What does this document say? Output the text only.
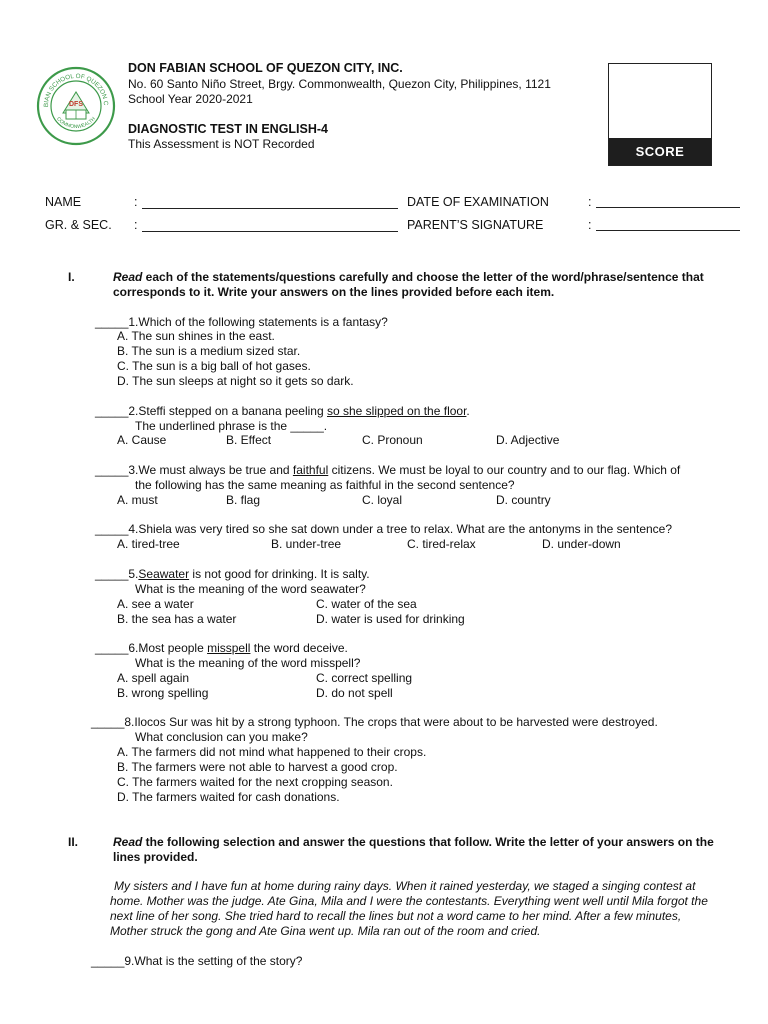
BIAN SCHOOL OF QUEZON C
COMMONWEALTH
DFS
DON FABIAN SCHOOL OF QUEZON CITY, INC.
No. 60 Santo Niño Street, Brgy. Commonwealth, Quezon City, Philippines, 1121
School Year 2020-2021
DIAGNOSTIC TEST IN ENGLISH-4
This Assessment is NOT Recorded	SCORE
NAME	:
GR. & SEC. :
DATE OF EXAMINATION	:
PARENT’S SIGNATURE	:
I.	Read each of the statements/questions carefully and choose the letter of the word/phrase/sentence that corresponds to it. Write your answers on the lines provided before each item.
_____1.Which of the following statements is a fantasy?
A. The sun shines in the east.
B. The sun is a medium sized star.
C. The sun is a big ball of hot gases.
D. The sun sleeps at night so it gets so dark.
_____2.Steffi stepped on a banana peeling so she slipped on the floor.
The underlined phrase is the _____.
A. Cause	B. Effect	C. Pronoun	D. Adjective
_____3.We must always be true and faithful citizens. We must be loyal to our country and to our flag. Which of
the following has the same meaning as faithful in the second sentence?
A. must	B. flag	C. loyal	D. country
_____4.Shiela was very tired so she sat down under a tree to relax. What are the antonyms in the sentence?
A. tired-tree	B. under-tree	C. tired-relax	D. under-down
_____5.Seawater is not good for drinking. It is salty.
What is the meaning of the word seawater?
A. see a water	C. water of the sea
B. the sea has a water	D. water is used for drinking
_____6.Most people misspell the word deceive.
What is the meaning of the word misspell?
A. spell again	C. correct spelling
B. wrong spelling	D. do not spell
_____8.Ilocos Sur was hit by a strong typhoon. The crops that were about to be harvested were destroyed.
What conclusion can you make?
A. The farmers did not mind what happened to their crops.
B. The farmers were not able to harvest a good crop.
C. The farmers waited for the next cropping season.
D. The farmers waited for cash donations.
II.	Read the following selection and answer the questions that follow. Write the letter of your answers on the lines provided.
My sisters and I have fun at home during rainy days. When it rained yesterday, we staged a singing contest at home. Mother was the judge. Ate Gina, Mila and I were the contestants. Everything went well until Mila forgot the next line of her song. She tried hard to recall the lines but not a word came to her mind. After a few minutes, Mother struck the gong and Ate Gina went up. Mila ran out of the room and cried.
_____9.What is the setting of the story?
